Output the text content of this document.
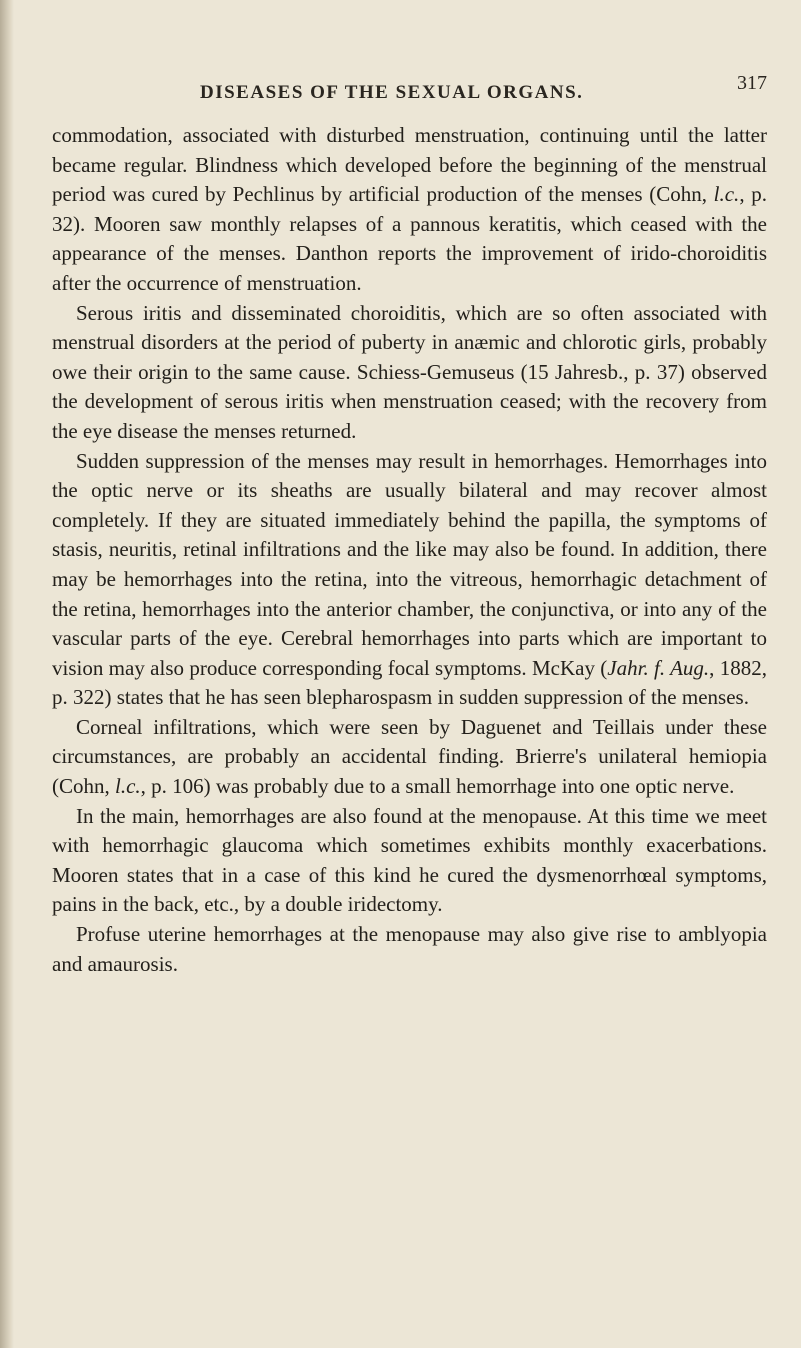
DISEASES OF THE SEXUAL ORGANS.	317

commodation, associated with disturbed menstruation, continuing until the latter became regular. Blindness which developed before the beginning of the menstrual period was cured by Pechlinus by artificial production of the menses (Cohn, l.c., p. 32). Mooren saw monthly relapses of a pannous keratitis, which ceased with the appearance of the menses. Danthon reports the improvement of irido-choroiditis after the occurrence of menstruation.

Serous iritis and disseminated choroiditis, which are so often associated with menstrual disorders at the period of puberty in anæmic and chlorotic girls, probably owe their origin to the same cause. Schiess-Gemuseus (15 Jahresb., p. 37) observed the development of serous iritis when menstruation ceased; with the recovery from the eye disease the menses returned.

Sudden suppression of the menses may result in hemorrhages. Hemorrhages into the optic nerve or its sheaths are usually bilateral and may recover almost completely. If they are situated immediately behind the papilla, the symptoms of stasis, neuritis, retinal infiltrations and the like may also be found. In addition, there may be hemorrhages into the retina, into the vitreous, hemorrhagic detachment of the retina, hemorrhages into the anterior chamber, the conjunctiva, or into any of the vascular parts of the eye. Cerebral hemorrhages into parts which are important to vision may also produce corresponding focal symptoms. McKay (Jahr. f. Aug., 1882, p. 322) states that he has seen blepharospasm in sudden suppression of the menses.

Corneal infiltrations, which were seen by Daguenet and Teillais under these circumstances, are probably an accidental finding. Brierre's unilateral hemiopia (Cohn, l.c., p. 106) was probably due to a small hemorrhage into one optic nerve.

In the main, hemorrhages are also found at the menopause. At this time we meet with hemorrhagic glaucoma which sometimes exhibits monthly exacerbations. Mooren states that in a case of this kind he cured the dysmenorrhœal symptoms, pains in the back, etc., by a double iridectomy.

Profuse uterine hemorrhages at the menopause may also give rise to amblyopia and amaurosis.
